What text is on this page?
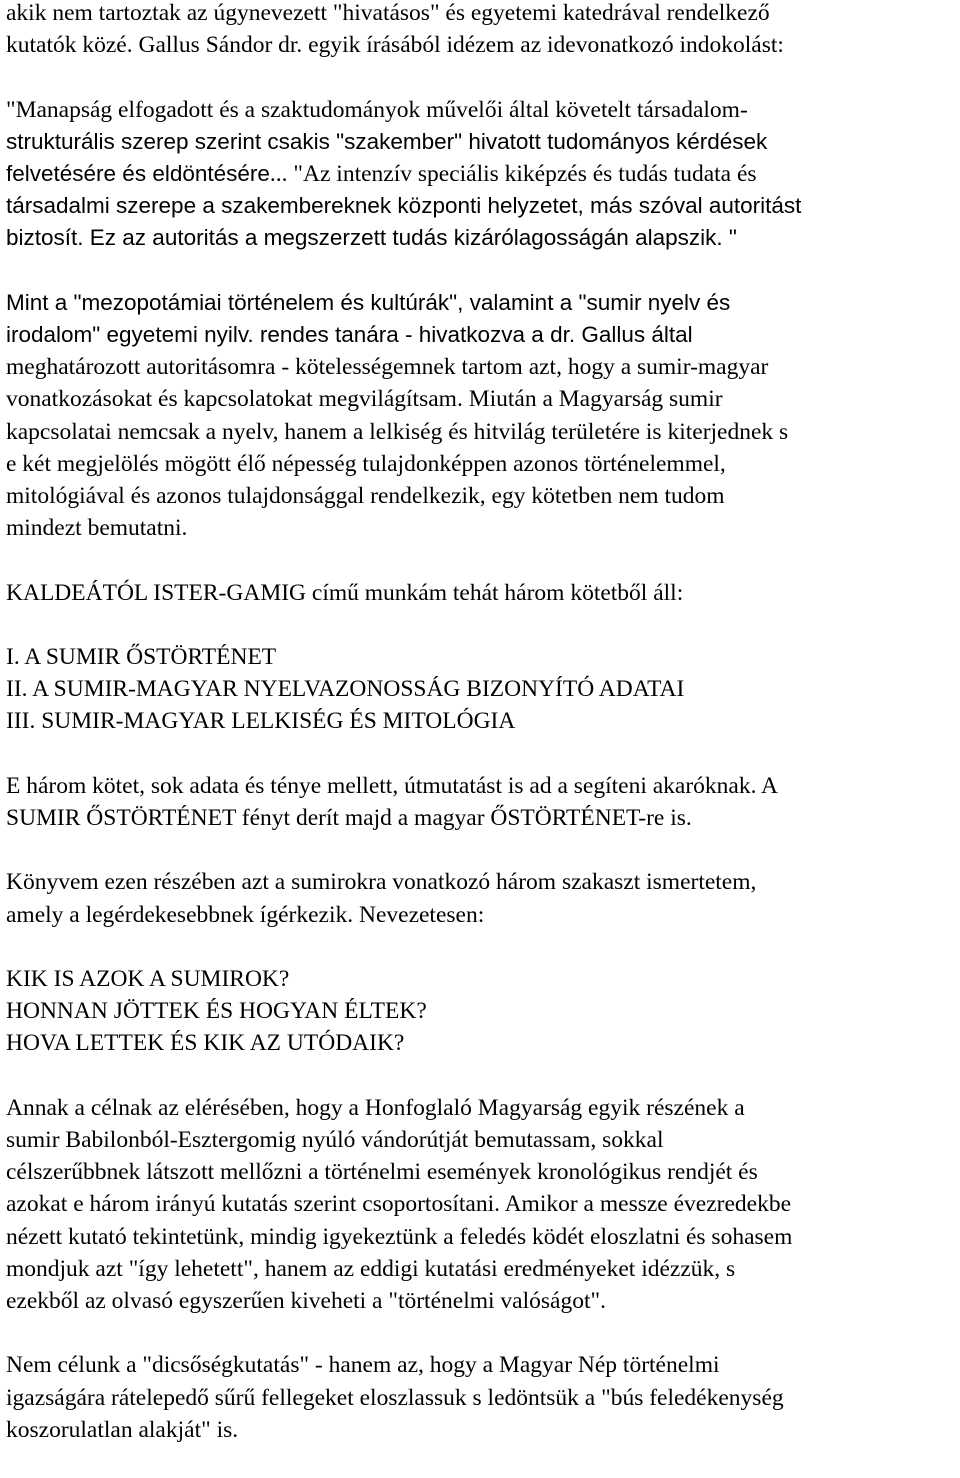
akik nem tartoztak az úgynevezett "hivatásos" és egyetemi katedrával rendelkező
kutatók közé. Gallus Sándor dr. egyik írásából idézem az idevonatkozó indokolást:

"Manapság elfogadott és a szaktudományok művelői által követelt társadalom-
strukturális szerep szerint csakis "szakember" hivatott tudományos kérdések
felvetésére és eldöntésére... "Az intenzív speciális kiképzés és tudás tudata és
társadalmi szerepe a szakembereknek központi helyzetet, más szóval autoritást
biztosít. Ez az autoritás a megszerzett tudás kizárólagosságán alapszik. "

Mint a "mezopotámiai történelem és kultúrák", valamint a "sumir nyelv és
irodalom" egyetemi nyilv. rendes tanára - hivatkozva a dr. Gallus által
meghatározott autoritásomra - kötelességemnek tartom azt, hogy a sumir-magyar
vonatkozásokat és kapcsolatokat megvilágítsam. Miután a Magyarság sumir
kapcsolatai nemcsak a nyelv, hanem a lelkiség és hitvilág területére is kiterjednek s
e két megjelölés mögött élő népesség tulajdonképpen azonos történelemmel,
mitológiával és azonos tulajdonsággal rendelkezik, egy kötetben nem tudom
mindezt bemutatni.

KALDEÁTÓL ISTER-GAMIG című munkám tehát három kötetből áll:

I. A SUMIR ŐSTÖRTÉNET
II. A SUMIR-MAGYAR NYELVAZONOSSÁG BIZONYÍTÓ ADATAI
III. SUMIR-MAGYAR LELKISÉG ÉS MITOLÓGIA

E három kötet, sok adata és ténye mellett, útmutatást is ad a segíteni akaróknak. A
SUMIR ŐSTÖRTÉNET fényt derít majd a magyar ŐSTÖRTÉNET-re is.

Könyvem ezen részében azt a sumirokra vonatkozó három szakaszt ismertetem,
amely a legérdekesebbnek ígérkezik. Nevezetesen:

KIK IS AZOK A SUMIROK?
HONNAN JÖTTEK ÉS HOGYAN ÉLTEK?
HOVA LETTEK ÉS KIK AZ UTÓDAIK?

Annak a célnak az elérésében, hogy a Honfoglaló Magyarság egyik részének a
sumir Babilonból-Esztergomig nyúló vándorútját bemutassam, sokkal
célszerűbbnek látszott mellőzni a történelmi események kronológikus rendjét és
azokat e három irányú kutatás szerint csoportosítani. Amikor a messze évezredekbe
nézett kutató tekintetünk, mindig igyekeztünk a feledés ködét eloszlatni és sohasem
mondjuk azt "így lehetett", hanem az eddigi kutatási eredményeket idézzük, s
ezekből az olvasó egyszerűen kiveheti a "történelmi valóságot".

Nem célunk a "dicsőségkutatás" - hanem az, hogy a Magyar Nép történelmi
igazságára rátelepedő sűrű fellegeket eloszlassuk s ledöntsük a "bús feledékenység
koszorulatlan alakját" is.
